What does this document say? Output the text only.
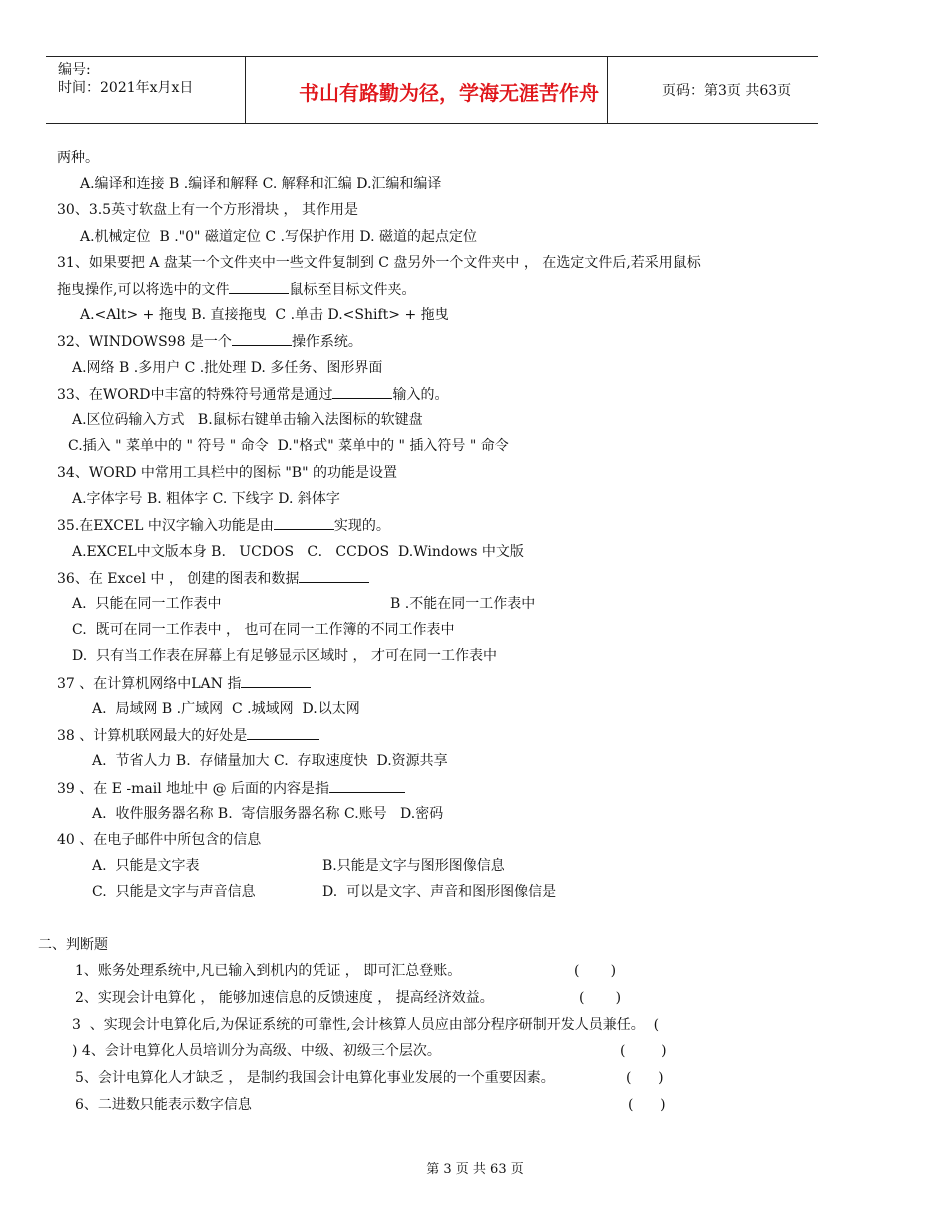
编号:
时间：2021年x月x日	书山有路勤为径，学海无涯苦作舟	页码：第3页 共63页
两种。
A.编译和连接 B .编译和解释 C. 解释和汇编 D.汇编和编译
30、3.5英寸软盘上有一个方形滑块 ， 其作用是
A.机械定位  B ."0" 磁道定位 C .写保护作用 D. 磁道的起点定位
31、如果要把 A 盘某一个文件夹中一些文件复制到 C 盘另外一个文件夹中 ， 在选定文件后,若采用鼠标
拖曳操作,可以将选中的文件	鼠标至目标文件夹。
A.<Alt> + 拖曳 B. 直接拖曳  C .单击 D.<Shift> + 拖曳
32、WINDOWS98 是一个	操作系统。
A.网络 B .多用户 C .批处理 D. 多任务、图形界面
33、在WORD中丰富的特殊符号通常是通过	输入的。
A.区位码输入方式   B.鼠标右键单击输入法图标的软键盘
C.插入 " 菜单中的 " 符号 " 命令  D."格式" 菜单中的 " 插入符号 " 命令
34、WORD 中常用工具栏中的图标 "B" 的功能是设置
A.字体字号 B. 粗体字 C. 下线字 D. 斜体字
35.在EXCEL 中汉字输入功能是由	实现的。
A.EXCEL中文版本身 B.   UCDOS   C.   CCDOS  D.Windows 中文版
36、在 Excel 中 ， 创建的图表和数据
A.  只能在同一工作表中	B .不能在同一工作表中
C.  既可在同一工作表中 ， 也可在同一工作簿的不同工作表中
D.  只有当工作表在屏幕上有足够显示区域时 ， 才可在同一工作表中
37 、在计算机网络中LAN 指
A.  局域网 B .广域网  C .城域网  D.以太网
38 、计算机联网最大的好处是
A.  节省人力 B.  存储量加大 C.  存取速度快  D.资源共享
39 、在 E -mail 地址中 @ 后面的内容是指
A.  收件服务器名称 B.  寄信服务器名称 C.账号   D.密码
40 、在电子邮件中所包含的信息
A.  只能是文字表	B.只能是文字与图形图像信息
C.  只能是文字与声音信息	D.  可以是文字、声音和图形图像信是
二、判断题
1、账务处理系统中,凡已输入到机内的凭证 ， 即可汇总登账。	(       )
2、实现会计电算化 ， 能够加速信息的反馈速度 ， 提高经济效益。	(       )
3  、实现会计电算化后,为保证系统的可靠性,会计核算人员应由部分程序研制开发人员兼任。  (
) 4、会计电算化人员培训分为高级、中级、初级三个层次。	(        )
5、会计电算化人才缺乏 ， 是制约我国会计电算化事业发展的一个重要因素。	(      )
6、二进数只能表示数字信息	(      )
第 3 页 共 63 页
